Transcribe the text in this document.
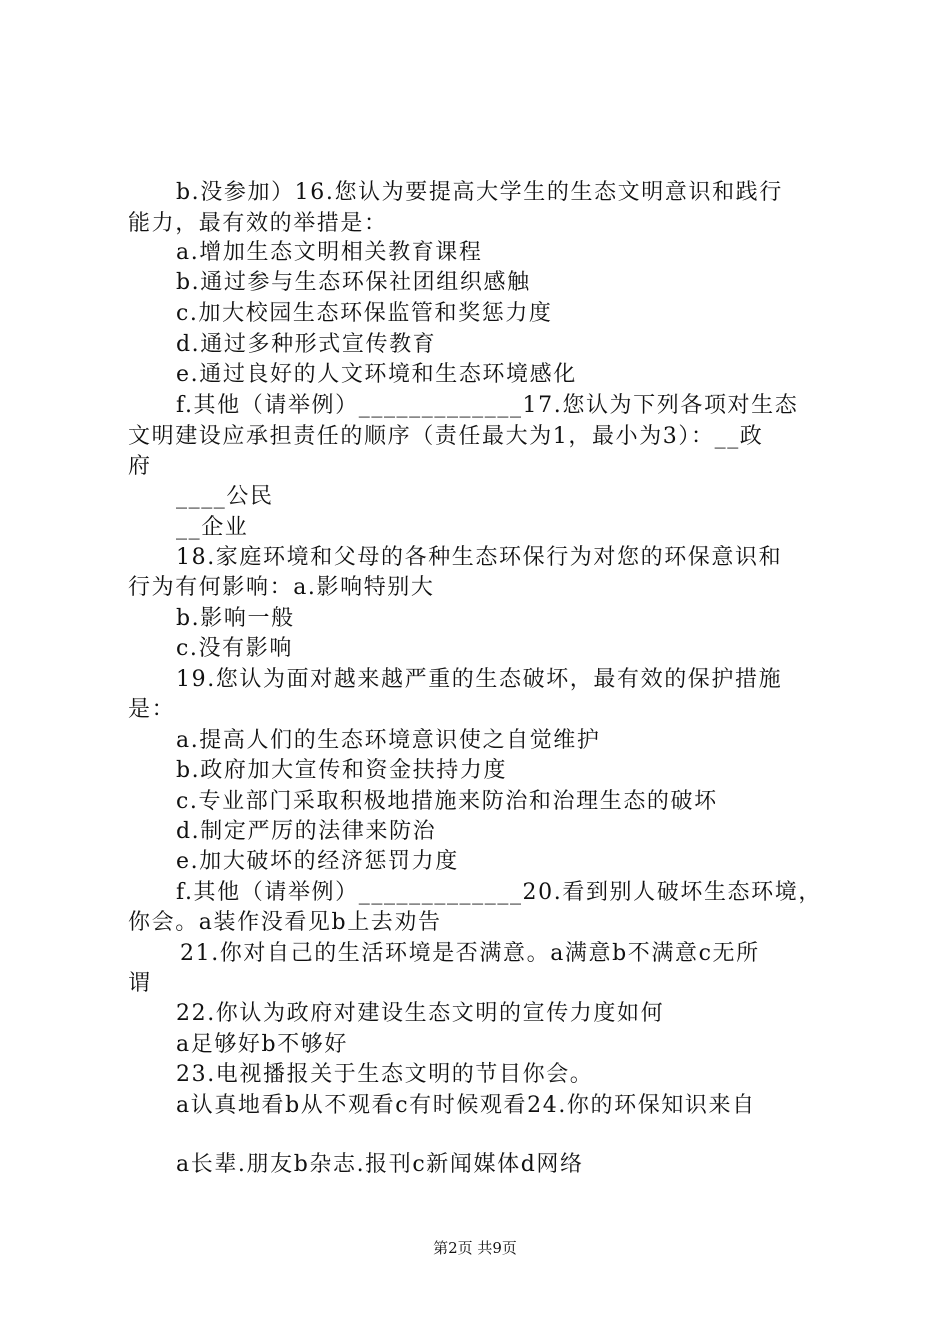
b.没参加）16.您认为要提高大学生的生态文明意识和践行

能力，最有效的举措是：

a.增加生态文明相关教育课程

b.通过参与生态环保社团组织感触

c.加大校园生态环保监管和奖惩力度

d.通过多种形式宣传教育

e.通过良好的人文环境和生态环境感化

f.其他（请举例）_____________17.您认为下列各项对生态

文明建设应承担责任的顺序（责任最大为1，最小为3）：__政

府

____公民

__企业

18.家庭环境和父母的各种生态环保行为对您的环保意识和

行为有何影响：a.影响特别大

b.影响一般

c.没有影响

19.您认为面对越来越严重的生态破坏，最有效的保护措施

是：

a.提高人们的生态环境意识使之自觉维护

b.政府加大宣传和资金扶持力度

c.专业部门采取积极地措施来防治和治理生态的破坏

d.制定严厉的法律来防治

e.加大破坏的经济惩罚力度

f.其他（请举例）_____________20.看到别人破坏生态环境，

你会。a装作没看见b上去劝告

21.你对自己的生活环境是否满意。a满意b不满意c无所

谓

22.你认为政府对建设生态文明的宣传力度如何

a足够好b不够好

23.电视播报关于生态文明的节目你会。

a认真地看b从不观看c有时候观看24.你的环保知识来自

a长辈.朋友b杂志.报刊c新闻媒体d网络

第2页 共9页
